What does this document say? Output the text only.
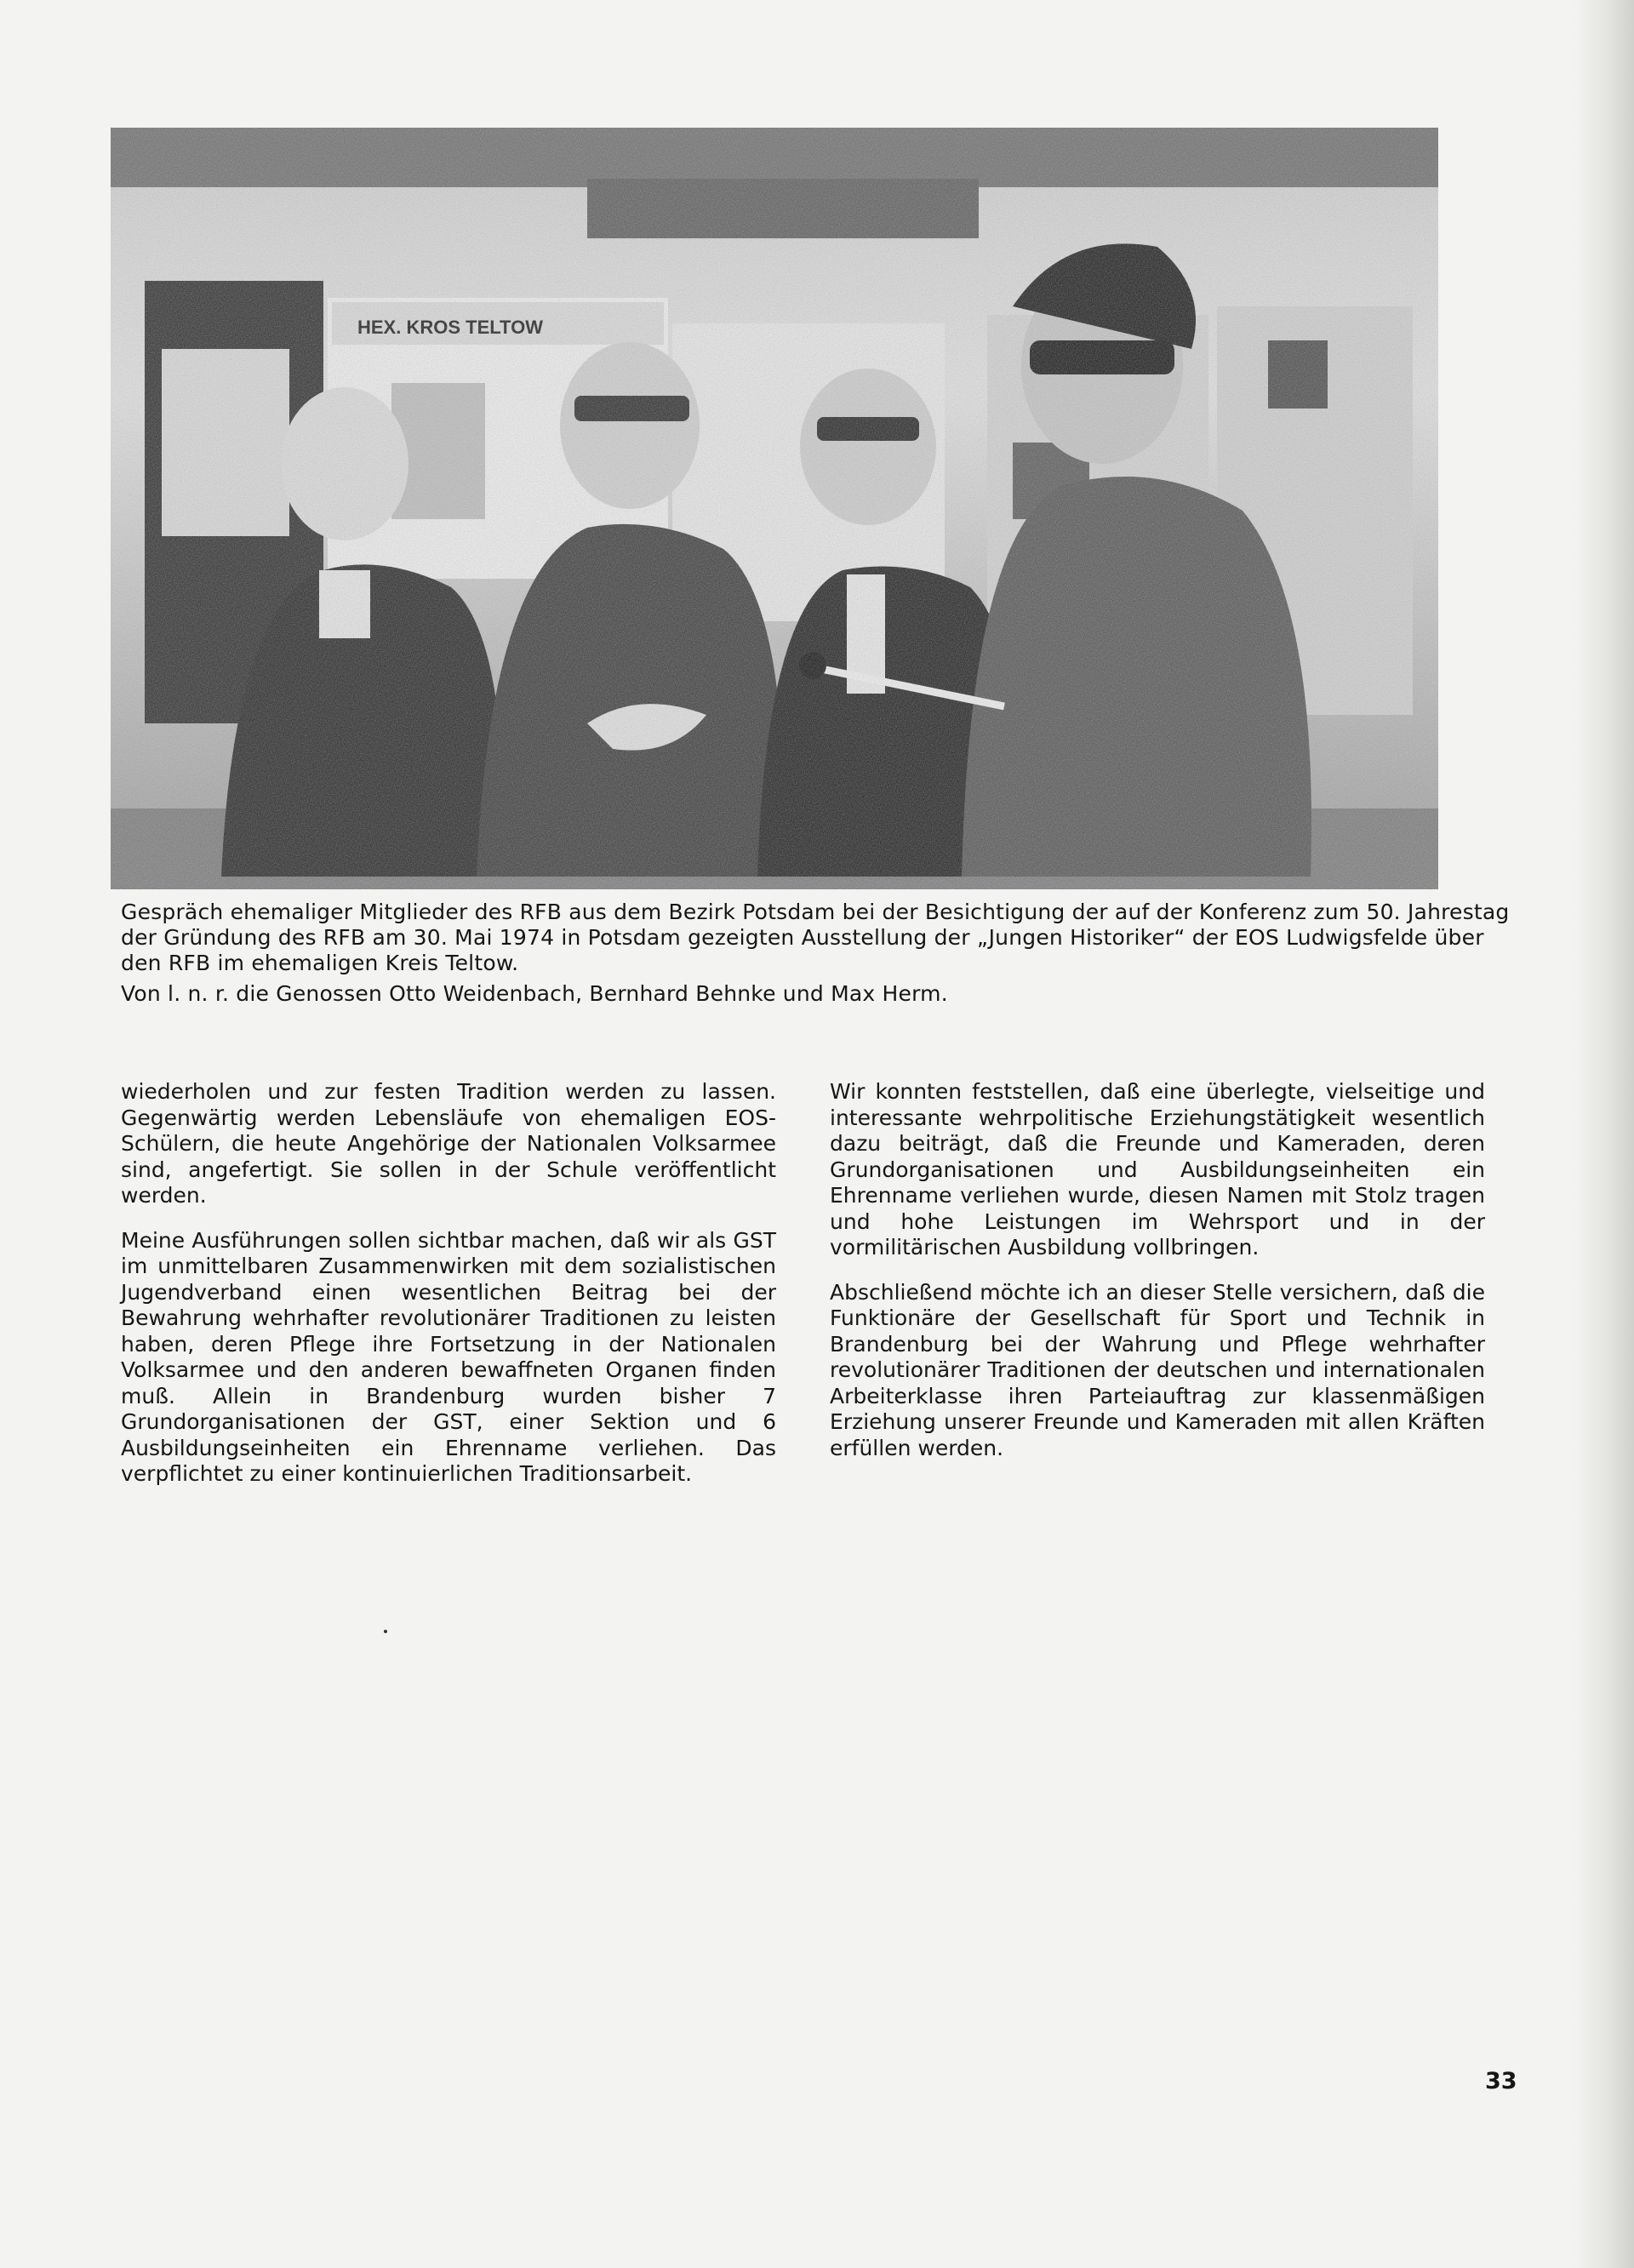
Gespräch ehemaliger Mitglieder des RFB aus dem Bezirk Potsdam bei der Besichtigung der auf der Konferenz zum 50. Jahrestag der Gründung des RFB am 30. Mai 1974 in Potsdam gezeigten Ausstellung der „Jungen Historiker“ der EOS Ludwigsfelde über den RFB im ehemaligen Kreis Teltow.

Von l. n. r. die Genossen Otto Weidenbach, Bernhard Behnke und Max Herm.

wiederholen und zur festen Tradition werden zu lassen. Gegenwärtig werden Lebensläufe von ehemaligen EOS-Schülern, die heute Angehörige der Nationalen Volksarmee sind, angefertigt. Sie sollen in der Schule veröffentlicht werden.

Meine Ausführungen sollen sichtbar machen, daß wir als GST im unmittelbaren Zusammenwirken mit dem sozialistischen Jugendverband einen wesentlichen Beitrag bei der Bewahrung wehrhafter revolutionärer Traditionen zu leisten haben, deren Pflege ihre Fortsetzung in der Nationalen Volksarmee und den anderen bewaffneten Organen finden muß. Allein in Brandenburg wurden bisher 7 Grundorganisationen der GST, einer Sektion und 6 Ausbildungseinheiten ein Ehrenname verliehen. Das verpflichtet zu einer kontinuierlichen Traditionsarbeit.

Wir konnten feststellen, daß eine überlegte, vielseitige und interessante wehrpolitische Erziehungstätigkeit wesentlich dazu beiträgt, daß die Freunde und Kameraden, deren Grundorganisationen und Ausbildungseinheiten ein Ehrenname verliehen wurde, diesen Namen mit Stolz tragen und hohe Leistungen im Wehrsport und in der vormilitärischen Ausbildung vollbringen.

Abschließend möchte ich an dieser Stelle versichern, daß die Funktionäre der Gesellschaft für Sport und Technik in Brandenburg bei der Wahrung und Pflege wehrhafter revolutionärer Traditionen der deutschen und internationalen Arbeiterklasse ihren Parteiauftrag zur klassenmäßigen Erziehung unserer Freunde und Kameraden mit allen Kräften erfüllen werden.

33
